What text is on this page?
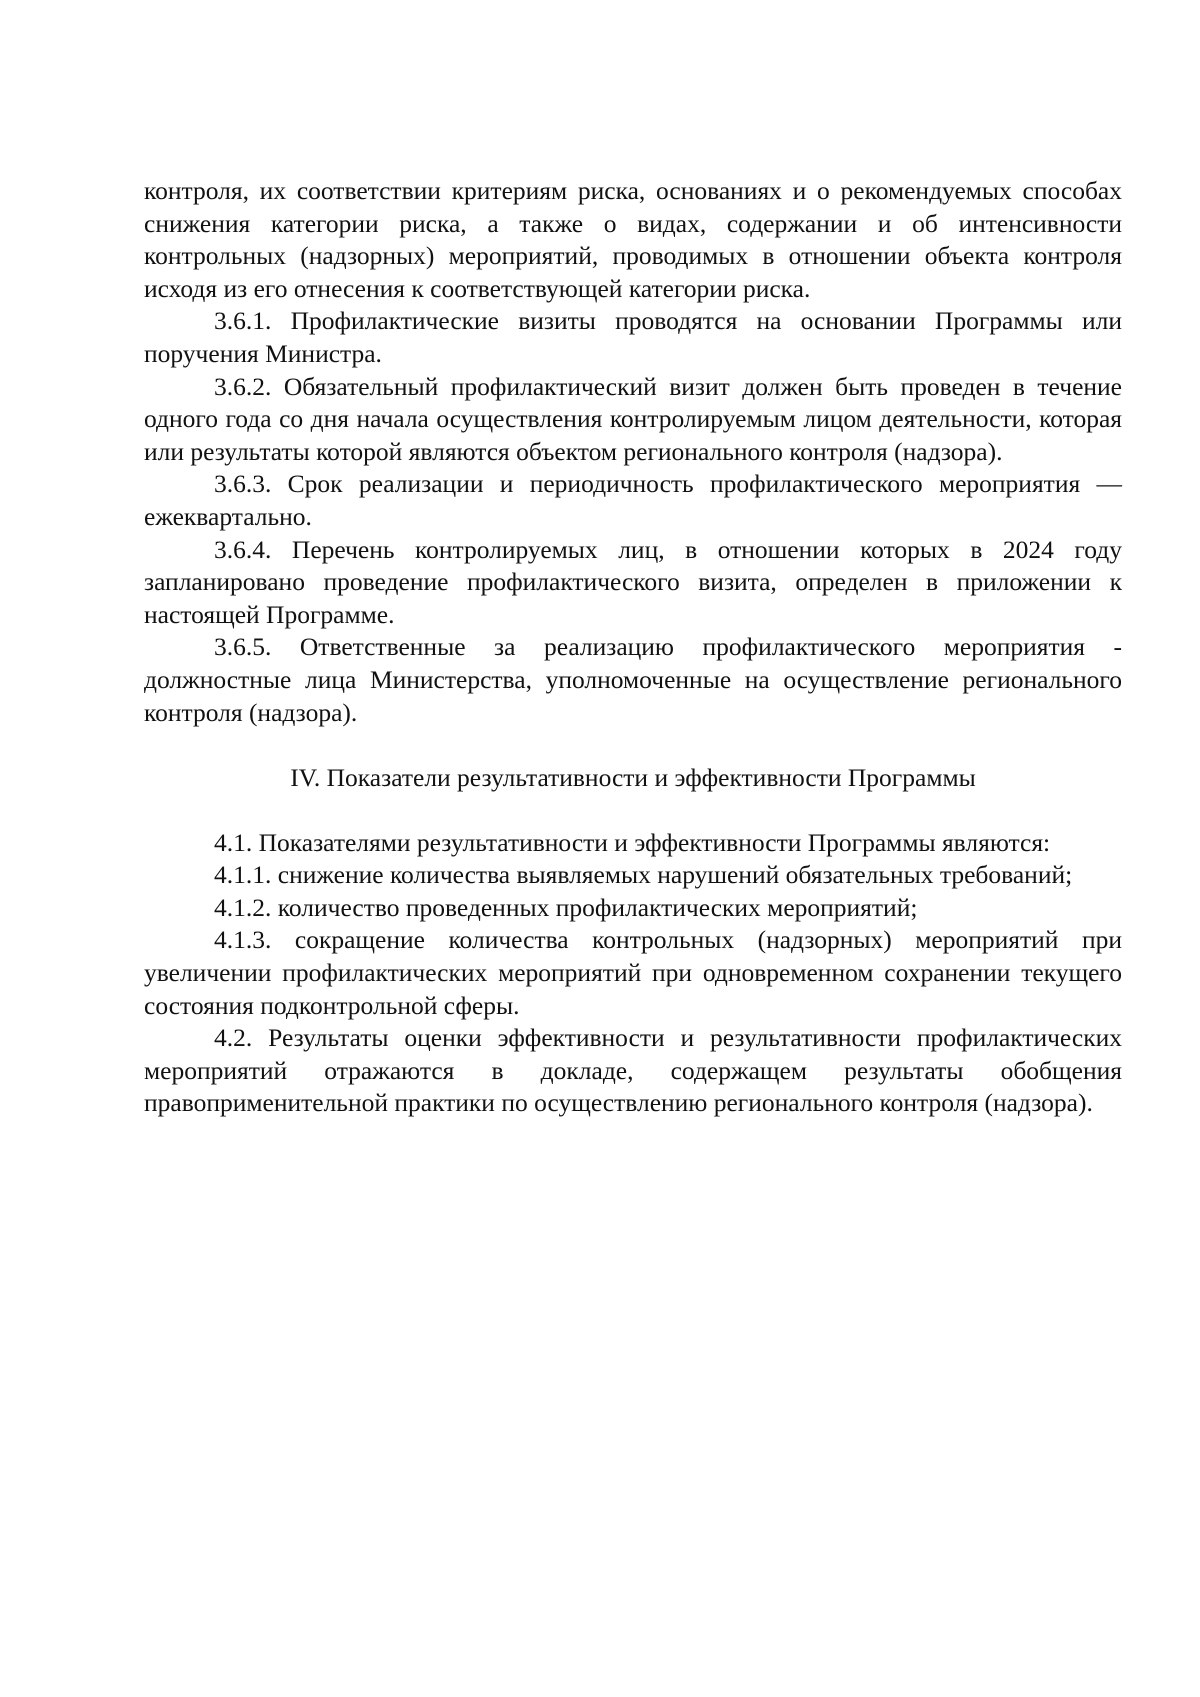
контроля, их соответствии критериям риска, основаниях и о рекомендуемых способах снижения категории риска, а также о видах, содержании и об интенсивности контрольных (надзорных) мероприятий, проводимых в отношении объекта контроля исходя из его отнесения к соответствующей категории риска.

3.6.1. Профилактические визиты проводятся на основании Программы или поручения Министра.

3.6.2. Обязательный профилактический визит должен быть проведен в течение одного года со дня начала осуществления контролируемым лицом деятельности, которая или результаты которой являются объектом регионального контроля (надзора).

3.6.3. Срок реализации и периодичность профилактического мероприятия — ежеквартально.

3.6.4. Перечень контролируемых лиц, в отношении которых в 2024 году запланировано проведение профилактического визита, определен в приложении к настоящей Программе.

3.6.5. Ответственные за реализацию профилактического мероприятия - должностные лица Министерства, уполномоченные на осуществление регионального контроля (надзора).

IV. Показатели результативности и эффективности Программы

4.1. Показателями результативности и эффективности Программы являются:

4.1.1. снижение количества выявляемых нарушений обязательных требований;

4.1.2. количество проведенных профилактических мероприятий;

4.1.3. сокращение количества контрольных (надзорных) мероприятий при увеличении профилактических мероприятий при одновременном сохранении текущего состояния подконтрольной сферы.

4.2. Результаты оценки эффективности и результативности профилактических мероприятий отражаются в докладе, содержащем результаты обобщения правоприменительной практики по осуществлению регионального контроля (надзора).
